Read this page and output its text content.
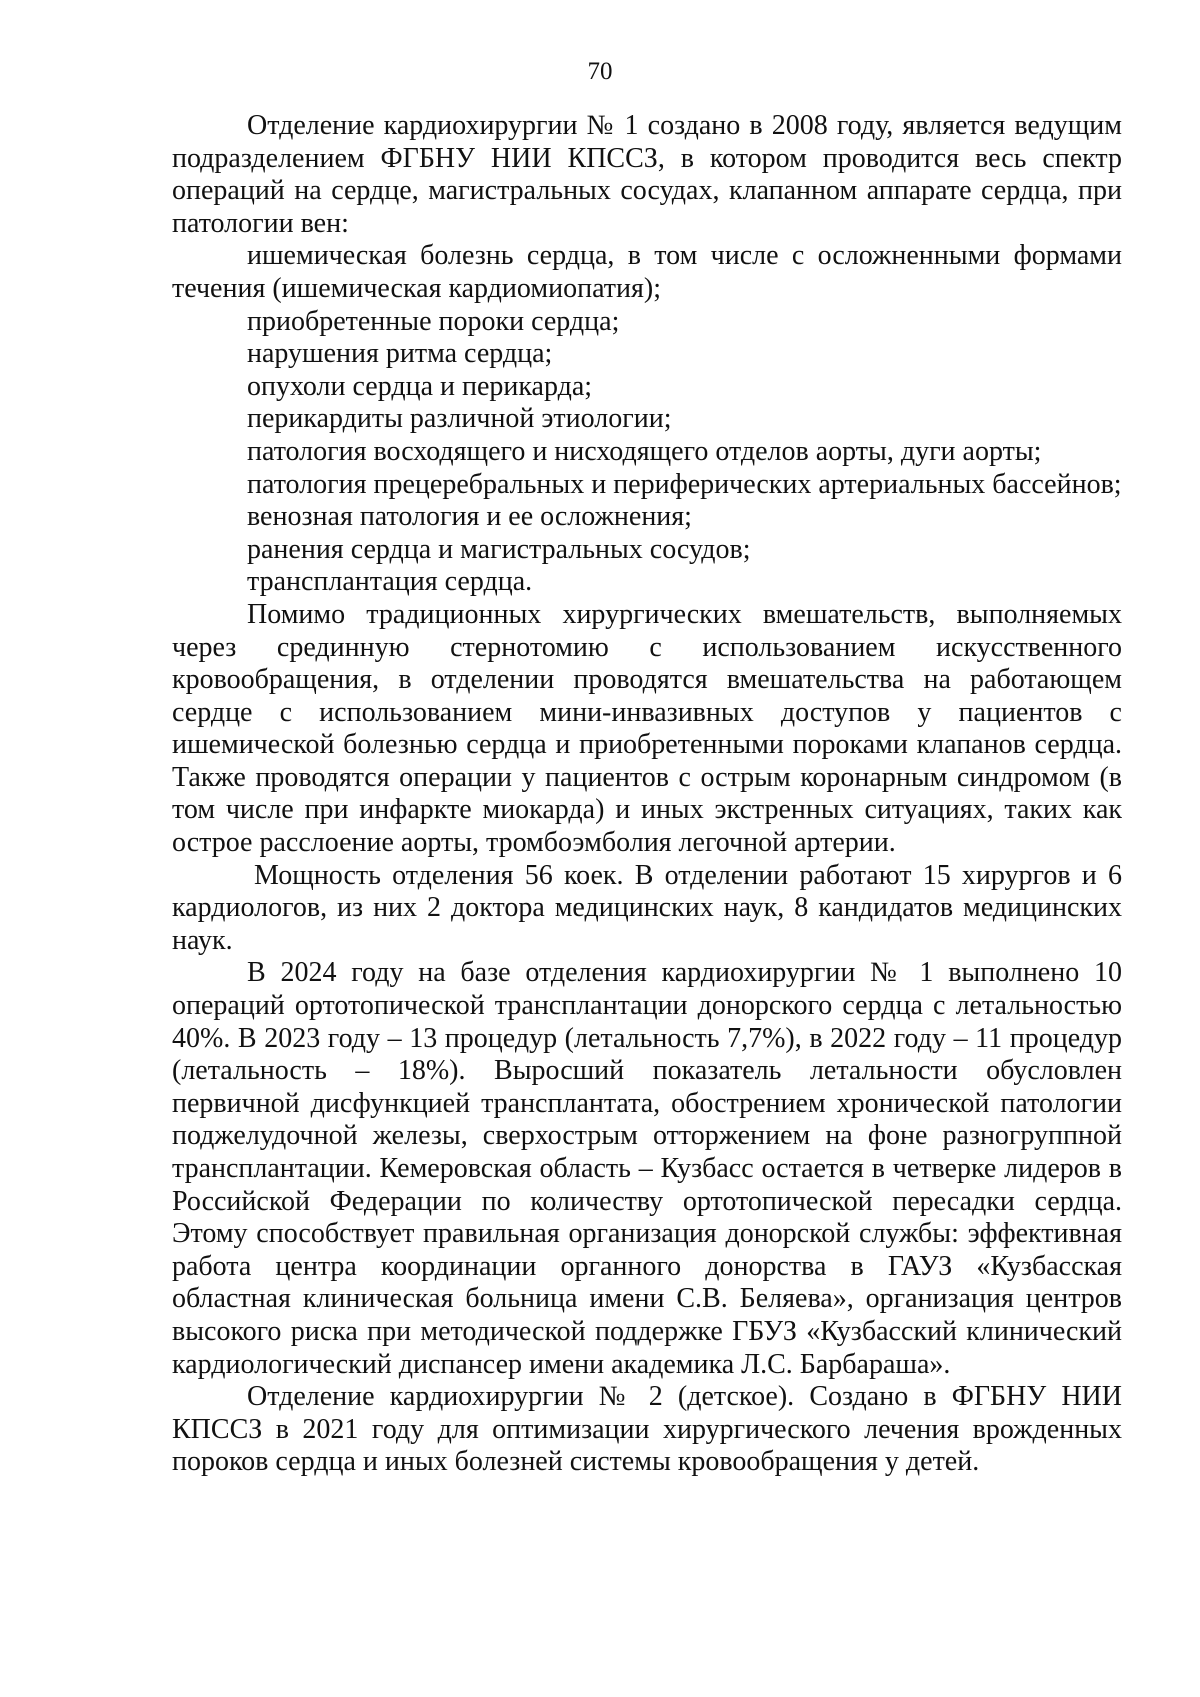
70

Отделение кардиохирургии № 1 создано в 2008 году, является ведущим подразделением ФГБНУ НИИ КПССЗ, в котором проводится весь спектр операций на сердце, магистральных сосудах, клапанном аппарате сердца, при патологии вен:

ишемическая болезнь сердца, в том числе с осложненными формами течения (ишемическая кардиомиопатия);

приобретенные пороки сердца;

нарушения ритма сердца;

опухоли сердца и перикарда;

перикардиты различной этиологии;

патология восходящего и нисходящего отделов аорты, дуги аорты;

патология прецеребральных и периферических артериальных бассейнов;

венозная патология и ее осложнения;

ранения сердца и магистральных сосудов;

трансплантация сердца.

Помимо традиционных хирургических вмешательств, выполняемых через срединную стернотомию с использованием искусственного кровообращения, в отделении проводятся вмешательства на работающем сердце с использованием мини-инвазивных доступов у пациентов с ишемической болезнью сердца и приобретенными пороками клапанов сердца. Также проводятся операции у пациентов с острым коронарным синдромом (в том числе при инфаркте миокарда) и иных экстренных ситуациях, таких как острое расслоение аорты, тромбоэмболия легочной артерии.

Мощность отделения 56 коек. В отделении работают 15 хирургов и 6 кардиологов, из них 2 доктора медицинских наук, 8 кандидатов медицинских наук.

В 2024 году на базе отделения кардиохирургии № 1 выполнено 10 операций ортотопической трансплантации донорского сердца с летальностью 40%. В 2023 году – 13 процедур (летальность 7,7%), в 2022 году – 11 процедур (летальность – 18%). Выросший показатель летальности обусловлен первичной дисфункцией трансплантата, обострением хронической патологии поджелудочной железы, сверхострым отторжением на фоне разногруппной трансплантации. Кемеровская область – Кузбасс остается в четверке лидеров в Российской Федерации по количеству ортотопической пересадки сердца. Этому способствует правильная организация донорской службы: эффективная работа центра координации органного донорства в ГАУЗ «Кузбасская областная клиническая больница имени С.В. Беляева», организация центров высокого риска при методической поддержке ГБУЗ «Кузбасский клинический кардиологический диспансер имени академика Л.С. Барбараша».

Отделение кардиохирургии № 2 (детское). Создано в ФГБНУ НИИ КПССЗ в 2021 году для оптимизации хирургического лечения врожденных пороков сердца и иных болезней системы кровообращения у детей.
